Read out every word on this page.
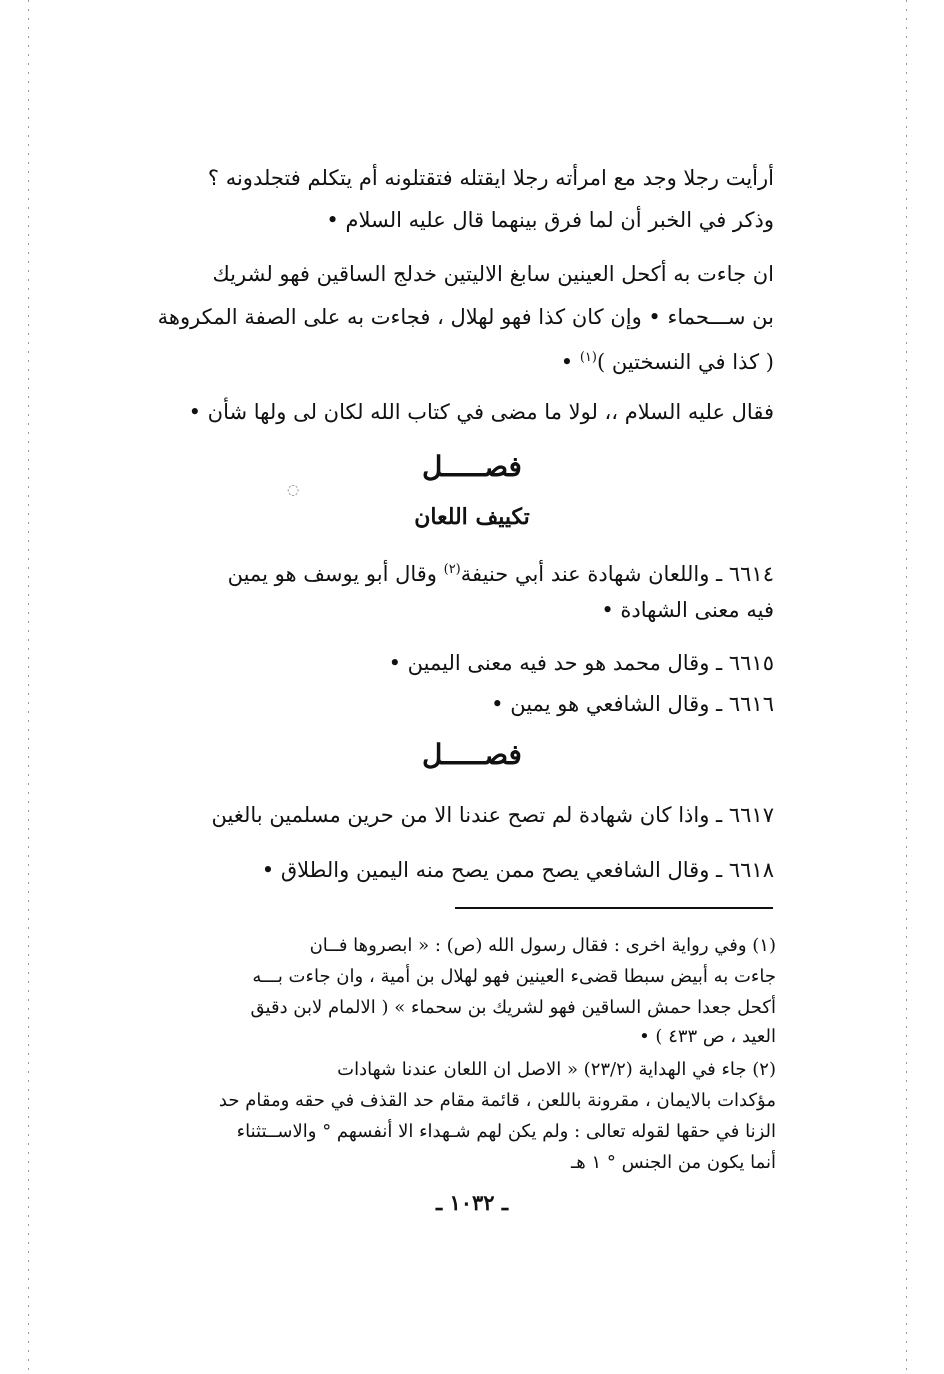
أرأيت رجلا وجد مع امرأته رجلا ايقتله فتقتلونه أم يتكلم فتجلدونه ؟
وذكر في الخبر أن لما فرق بينهما قال عليه السلام •
ان جاءت به أكحل العينين سابغ الاليتين خدلج الساقين فهو لشريك
بن ســـحماء • وإن كان كذا فهو لهلال ، فجاءت به على الصفة المكروهة
( كذا في النسختين )$^{(١)}$ •
فقال عليه السلام ،، لولا ما مضى في كتاب الله لكان لى ولها شأن •
فصـــــل
◌
تكييف اللعان
٦٦١٤ ـ واللعان شهادة عند أبي حنيفة$^{(٢)}$ وقال أبو يوسف هو يمين
فيه معنى الشهادة •
٦٦١٥ ـ وقال محمد هو حد فيه معنى اليمين •
٦٦١٦ ـ وقال الشافعي هو يمين •
فصـــــل
٦٦١٧ ـ واذا كان شهادة لم تصح عندنا الا من حرين مسلمين بالغين
٦٦١٨ ـ وقال الشافعي يصح ممن يصح منه اليمين والطلاق •
(١) وفي رواية اخرى : فقال رسول الله (ص) : « ابصروها فــان
جاءت به أبيض سبطا قضىء العينين فهو لهلال بن أمية ، وان جاءت بـــه
أكحل جعدا حمش الساقين فهو لشريك بن سحماء » ( الالمام لابن دقيق
العيد ، ص ٤٣٣ ) •
(٢) جاء في الهداية (٢٣/٢) « الاصل ان اللعان عندنا شهادات
مؤكدات بالايمان ، مقرونة باللعن ، قائمة مقام حد القذف في حقه ومقام حد
الزنا في حقها لقوله تعالى : ولم يكن لهم شـهداء الا أنفسهم ° والاســتثناء
أنما يكون من الجنس ° ١ هـ
ـ ١٠٣٢ ـ
